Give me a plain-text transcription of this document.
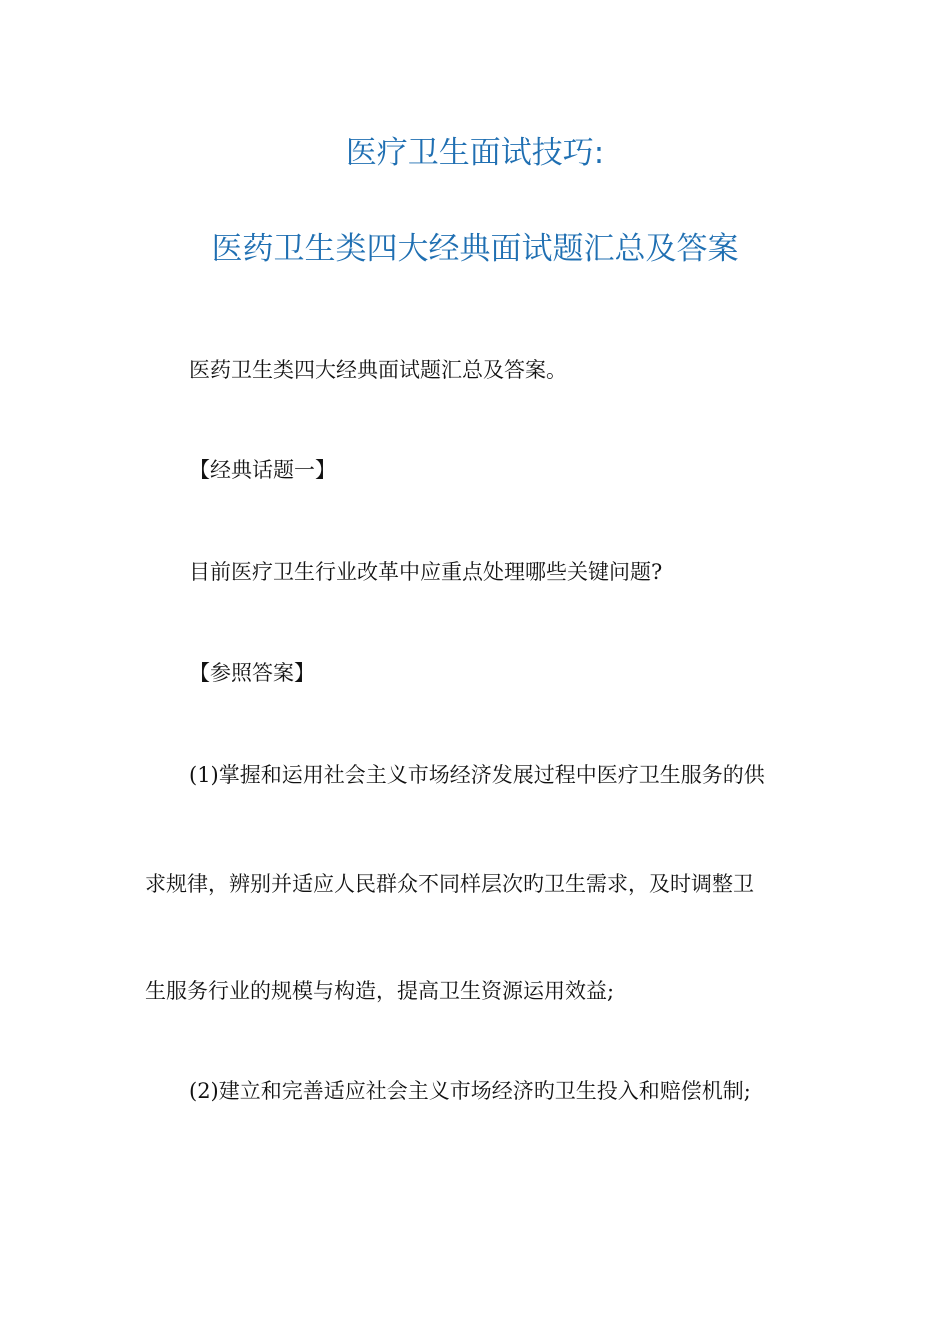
医疗卫生面试技巧:
医药卫生类四大经典面试题汇总及答案
医药卫生类四大经典面试题汇总及答案。
【经典话题一】
目前医疗卫生行业改革中应重点处理哪些关键问题?
【参照答案】
(1)掌握和运用社会主义市场经济发展过程中医疗卫生服务的供
求规律，辨别并适应人民群众不同样层次旳卫生需求，及时调整卫
生服务行业的规模与构造，提高卫生资源运用效益;
(2)建立和完善适应社会主义市场经济旳卫生投入和赔偿机制;
